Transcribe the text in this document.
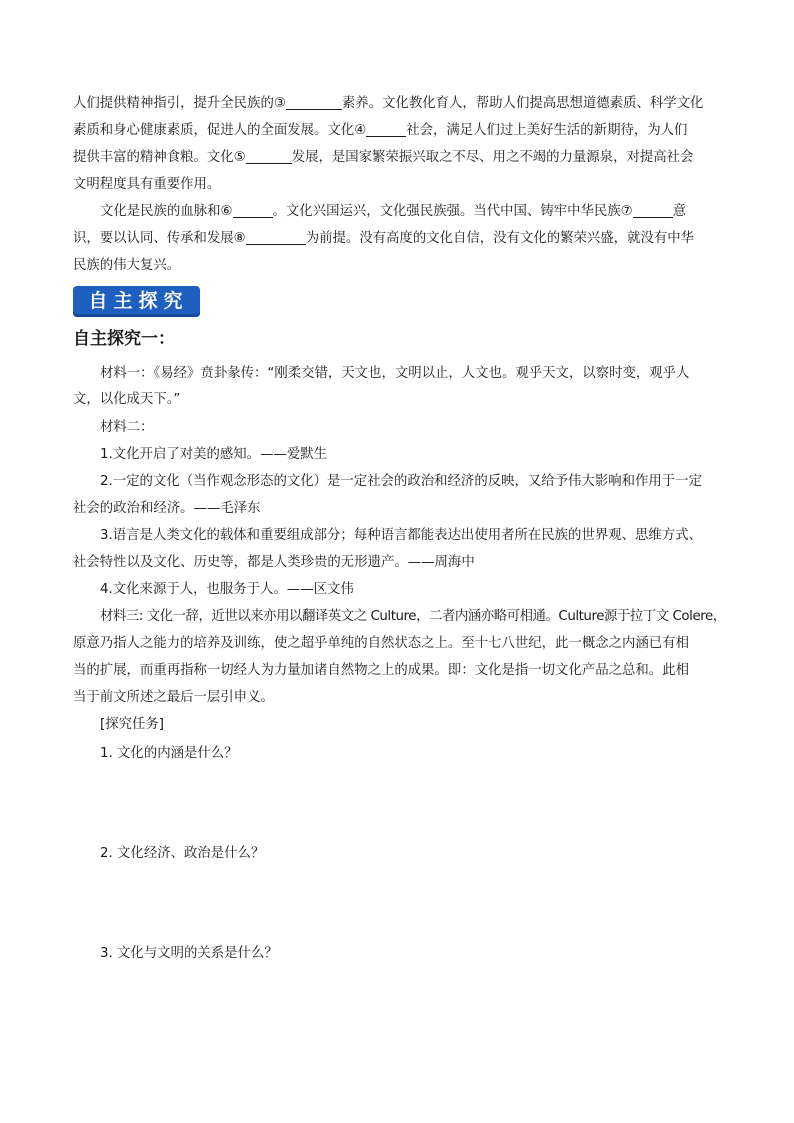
人们提供精神指引，提升全民族的③	素养。文化教化育人，帮助人们提高思想道德素质、科学文化
素质和身心健康素质，促进人的全面发展。文化④	社会，满足人们过上美好生活的新期待，为人们
提供丰富的精神食粮。文化⑤	发展，是国家繁荣振兴取之不尽、用之不竭的力量源泉，对提高社会
文明程度具有重要作用。
文化是民族的血脉和⑥	。文化兴国运兴，文化强民族强。当代中国、铸牢中华民族⑦	意
识，要以认同、传承和发展⑧	为前提。没有高度的文化自信，没有文化的繁荣兴盛，就没有中华
民族的伟大复兴。
自主探究
自主探究一：
材料一：《易经》贲卦彖传：“刚柔交错，天文也，文明以止，人文也。观乎天文，以察时变，观乎人
文，以化成天下。”
材料二：
1.文化开启了对美的感知。——爱默生
2.一定的文化（当作观念形态的文化）是一定社会的政治和经济的反映，又给予伟大影响和作用于一定
社会的政治和经济。——毛泽东
3.语言是人类文化的载体和重要组成部分；每种语言都能表达出使用者所在民族的世界观、思维方式、
社会特性以及文化、历史等，都是人类珍贵的无形遗产。——周海中
4.文化来源于人，也服务于人。——区文伟
材料三: 文化一辞，近世以来亦用以翻译英文之 Culture，二者内涵亦略可相通。Culture源于拉丁文 Colere，
原意乃指人之能力的培养及训练，使之超乎单纯的自然状态之上。至十七八世纪，此一概念之内涵已有相
当的扩展，而重再指称一切经人为力量加诸自然物之上的成果。即：文化是指一切文化产品之总和。此相
当于前文所述之最后一层引申义。
[探究任务]
1. 文化的内涵是什么？
2. 文化经济、政治是什么？
3. 文化与文明的关系是什么？
